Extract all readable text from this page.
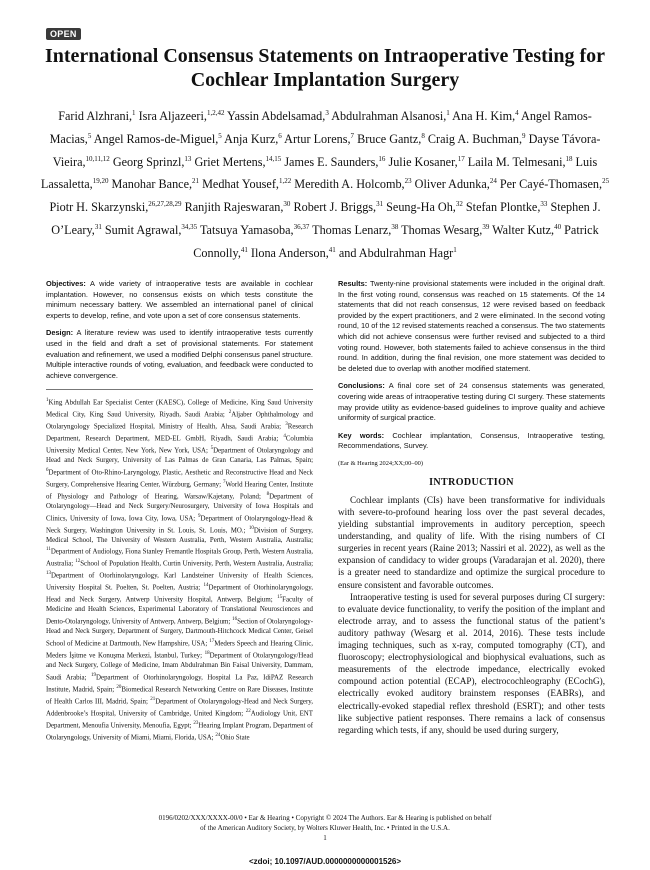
OPEN
International Consensus Statements on Intraoperative Testing for Cochlear Implantation Surgery
Farid Alzhrani,$^1$ Isra Aljazeeri,$^{1,2,42}$ Yassin Abdelsamad,$^3$ Abdulrahman Alsanosi,$^1$ Ana H. Kim,$^4$ Angel Ramos-Macias,$^5$ Angel Ramos-de-Miguel,$^5$ Anja Kurz,$^6$ Artur Lorens,$^7$ Bruce Gantz,$^8$ Craig A. Buchman,$^9$ Dayse Távora-Vieira,$^{10,11,12}$ Georg Sprinzl,$^{13}$ Griet Mertens,$^{14,15}$ James E. Saunders,$^{16}$ Julie Kosaner,$^{17}$ Laila M. Telmesani,$^{18}$ Luis Lassaletta,$^{19,20}$ Manohar Bance,$^{21}$ Medhat Yousef,$^{1,22}$ Meredith A. Holcomb,$^{23}$ Oliver Adunka,$^{24}$ Per Cayé-Thomasen,$^{25}$ Piotr H. Skarzynski,$^{26,27,28,29}$ Ranjith Rajeswaran,$^{30}$ Robert J. Briggs,$^{31}$ Seung-Ha Oh,$^{32}$ Stefan Plontke,$^{33}$ Stephen J. O’Leary,$^{31}$ Sumit Agrawal,$^{34,35}$ Tatsuya Yamasoba,$^{36,37}$ Thomas Lenarz,$^{38}$ Thomas Wesarg,$^{39}$ Walter Kutz,$^{40}$ Patrick Connolly,$^{41}$ Ilona Anderson,$^{41}$ and Abdulrahman Hagr$^1$

Objectives: A wide variety of intraoperative tests are available in cochlear implantation. However, no consensus exists on which tests constitute the minimum necessary battery. We assembled an international panel of clinical experts to develop, refine, and vote upon a set of core consensus statements.

Design: A literature review was used to identify intraoperative tests currently used in the field and draft a set of provisional statements. For statement evaluation and refinement, we used a modified Delphi consensus panel structure. Multiple interactive rounds of voting, evaluation, and feedback were conducted to achieve convergence.

$^1$King Abdullah Ear Specialist Center (KAESC), College of Medicine, King Saud University Medical City, King Saud University, Riyadh, Saudi Arabia; $^2$Aljaber Ophthalmology and Otolaryngology Specialized Hospital, Ministry of Health, Ahsa, Saudi Arabia; $^3$Research Department, Research Department, MED-EL GmbH, Riyadh, Saudi Arabia; $^4$Columbia University Medical Center, New York, New York, USA; $^5$Department of Otolaryngology and Head and Neck Surgery, University of Las Palmas de Gran Canaria, Las Palmas, Spain; $^6$Department of Oto-Rhino-Laryngology, Plastic, Aesthetic and Reconstructive Head and Neck Surgery, Comprehensive Hearing Center, Würzburg, Germany; $^7$World Hearing Center, Institute of Physiology and Pathology of Hearing, Warsaw/Kajetany, Poland; $^8$Department of Otolaryngology—Head and Neck Surgery/Neurosurgery, University of Iowa Hospitals and Clinics, University of Iowa, Iowa City, Iowa, USA; $^9$Department of Otolaryngology-Head & Neck Surgery, Washington University in St. Louis, St. Louis, MO.; $^{10}$Division of Surgery, Medical School, The University of Western Australia, Perth, Western Australia, Australia; $^{11}$Department of Audiology, Fiona Stanley Fremantle Hospitals Group, Perth, Western Australia, Australia; $^{12}$School of Population Health, Curtin University, Perth, Western Australia, Australia; $^{13}$Department of Otorhinolaryngology, Karl Landsteiner University of Health Sciences, University Hospital St. Poelten, St. Poelten, Austria; $^{14}$Department of Otorhinolaryngology, Head and Neck Surgery, Antwerp University Hospital, Antwerp, Belgium; $^{15}$Faculty of Medicine and Health Sciences, Experimental Laboratory of Translational Neurosciences and Dento-Otolaryngology, University of Antwerp, Antwerp, Belgium; $^{16}$Section of Otolaryngology-Head and Neck Surgery, Department of Surgery, Dartmouth-Hitchcock Medical Center, Geisel School of Medicine at Dartmouth, New Hampshire, USA; $^{17}$Meders Speech and Hearing Clinic, Meders İşitme ve Konuşma Merkezi, İstanbul, Turkey; $^{18}$Department of Otolaryngology/Head and Neck Surgery, College of Medicine, Imam Abdulrahman Bin Faisal University, Dammam, Saudi Arabia; $^{19}$Department of Otorhinolaryngology, Hospital La Paz, IdiPAZ Research Institute, Madrid, Spain; $^{20}$Biomedical Research Networking Centre on Rare Diseases, Institute of Health Carlos III, Madrid, Spain; $^{21}$Department of Otolaryngology-Head and Neck Surgery, Addenbrooke’s Hospital, University of Cambridge, United Kingdom; $^{22}$Audiology Unit, ENT Department, Menoufia University, Menoufia, Egypt; $^{23}$Hearing Implant Program, Department of Otolaryngology, University of Miami, Miami, Florida, USA; $^{24}$Ohio State

Results: Twenty-nine provisional statements were included in the original draft. In the first voting round, consensus was reached on 15 statements. Of the 14 statements that did not reach consensus, 12 were revised based on feedback provided by the expert practitioners, and 2 were eliminated. In the second voting round, 10 of the 12 revised statements reached a consensus. The two statements which did not achieve consensus were further revised and subjected to a third voting round. However, both statements failed to achieve consensus in the third round. In addition, during the final revision, one more statement was decided to be deleted due to overlap with another modified statement.

Conclusions: A final core set of 24 consensus statements was generated, covering wide areas of intraoperative testing during CI surgery. These statements may provide utility as evidence-based guidelines to improve quality and achieve uniformity of surgical practice.

Key words: Cochlear implantation, Consensus, Intraoperative testing, Recommendations, Survey.

(Ear & Hearing 2024;XX;00–00)
INTRODUCTION

Cochlear implants (CIs) have been transformative for individuals with severe-to-profound hearing loss over the past several decades, yielding substantial improvements in auditory perception, speech understanding, and quality of life. With the rising numbers of CI surgeries in recent years (Raine 2013; Nassiri et al. 2022), as well as the expansion of candidacy to wider groups (Varadarajan et al. 2020), there is a greater need to standardize and optimize the surgical procedure to ensure consistent and favorable outcomes.

Intraoperative testing is used for several purposes during CI surgery: to evaluate device functionality, to verify the position of the implant and electrode array, and to assess the functional status of the patient’s auditory pathway (Wesarg et al. 2014, 2016). These tests include imaging techniques, such as x-ray, computed tomography (CT), and fluoroscopy; electrophysiological and biophysical evaluations, such as measurements of the electrode impedance, electrically evoked compound action potential (ECAP), electrocochleography (ECochG), electrically evoked auditory brainstem responses (EABRs), and electrically-evoked stapedial reflex threshold (ESRT); and other tests like subjective patient responses. There remains a lack of consensus regarding which tests, if any, should be used during surgery,

0196/0202/XXX/XXXX-00/0 • Ear & Hearing • Copyright © 2024 The Authors. Ear & Hearing is published on behalf
of the American Auditory Society, by Wolters Kluwer Health, Inc. • Printed in the U.S.A.
1
<zdoi; 10.1097/AUD.0000000000001526>
